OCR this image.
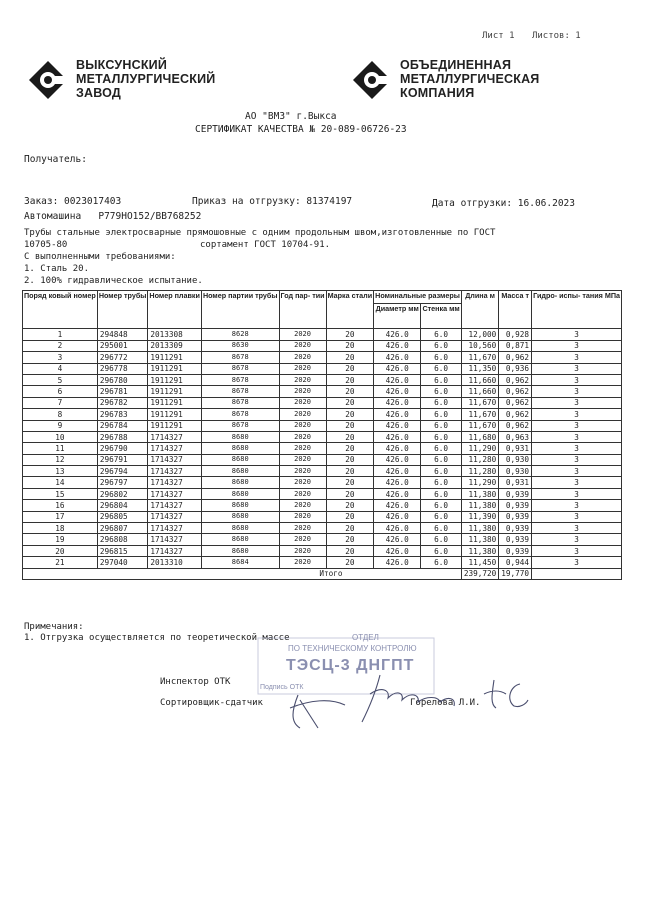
Лист 1 Листов: 1
ВЫКСУНСКИЙ
МЕТАЛЛУРГИЧЕСКИЙ
ЗАВОД
ОБЪЕДИНЕННАЯ
МЕТАЛЛУРГИЧЕСКАЯ
КОМПАНИЯ
АО "ВМЗ" г.Выкса
СЕРТИФИКАТ КАЧЕСТВА № 20-089-06726-23
Получатель:
Заказ: 0023017403	Приказ на отгрузку: 81374197	Дата отгрузки: 16.06.2023
Автомашина   Р779НО152/ВВ768252
Трубы стальные электросварные прямошовные с одним продольным швом,изготовленные по ГОСТ
10705-80	сортамент ГОСТ 10704-91.
С выполненными требованиями:
1. Сталь 20.
2. 100% гидравлическое испытание.
Поряд ковый номер	Номер трубы	Номер плавки	Номер партии трубы	Год пар- тии	Марка стали	Номинальные размеры		Длина м	Масса т	Гидро- испы- тания МПа
						Диаметр мм	Стенка мм			
1	294848	2013308	8628	2020	20	426.0	6.0	12,000	0,928	3
2	295001	2013309	8630	2020	20	426.0	6.0	10,560	0,871	3
3	296772	1911291	8678	2020	20	426.0	6.0	11,670	0,962	3
4	296778	1911291	8678	2020	20	426.0	6.0	11,350	0,936	3
5	296780	1911291	8678	2020	20	426.0	6.0	11,660	0,962	3
6	296781	1911291	8678	2020	20	426.0	6.0	11,660	0,962	3
7	296782	1911291	8678	2020	20	426.0	6.0	11,670	0,962	3
8	296783	1911291	8678	2020	20	426.0	6.0	11,670	0,962	3
9	296784	1911291	8678	2020	20	426.0	6.0	11,670	0,962	3
10	296788	1714327	8680	2020	20	426.0	6.0	11,680	0,963	3
11	296790	1714327	8680	2020	20	426.0	6.0	11,290	0,931	3
12	296791	1714327	8680	2020	20	426.0	6.0	11,280	0,930	3
13	296794	1714327	8680	2020	20	426.0	6.0	11,280	0,930	3
14	296797	1714327	8680	2020	20	426.0	6.0	11,290	0,931	3
15	296802	1714327	8680	2020	20	426.0	6.0	11,380	0,939	3
16	296804	1714327	8680	2020	20	426.0	6.0	11,380	0,939	3
17	296805	1714327	8680	2020	20	426.0	6.0	11,390	0,939	3
18	296807	1714327	8680	2020	20	426.0	6.0	11,380	0,939	3
19	296808	1714327	8680	2020	20	426.0	6.0	11,380	0,939	3
20	296815	1714327	8680	2020	20	426.0	6.0	11,380	0,939	3
21	297040	2013310	8684	2020	20	426.0	6.0	11,450	0,944	3
Итого								239,720	19,770	
Примечания:
1. Отгрузка осуществляется по теоретической массе	ОТДЕЛ
ПО ТЕХНИЧЕСКОМУ КОНТРОЛЮ
ТЭСЦ-3 ДНГПТ
Подпись ОТК
Инспектор ОТК
Сортировщик-сдатчик	Горелова Л.И.
